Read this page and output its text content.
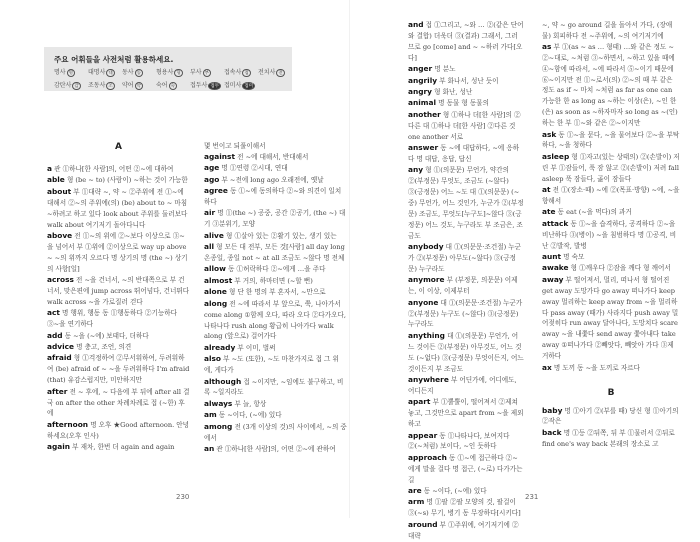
주요 어휘들을 사전처럼 활용하세요.
명사 명	대명사 대	동사 동	형용사 형	부사 부	접속사 접	전치사 전
감탄사 감	조동사 조	약어 약	숙어 숙	접두사 접두 접미사 접미
A
a 관 ①하나[한 사람]의, 어떤 ②~에 대하여
able 형 (be ~ to) (사람이) ~하는 것이 가능한
about 부 ①대략 ~, 약 ~ ②주위에 전 ①~에 대해서 ②~의 주위에(의) (be) about to ~ 마침 ~하려고 하고 있다 look about 주위를 둘러보다 walk about 여기저기 돌아다니다
above 전 ①~의 위에 ②~보다 이상으로 ③~을 넘어서 부 ①위에 ②이상으로 way up above ~ ~의 위까지 오르다 명 상기의 명 (the ~) 상기의 사항[일]
across 전 ~을 건너서, ~의 반대쪽으로 부 건너서, 맞은편에 jump across 뛰어넘다, 건너뛰다 walk across ~을 가로질러 걷다
act 명 행위, 행동 동 ①행동하다 ②기능하다 ③~을 연기하다
add 동 ~을 (~에) 보태다, 더하다
advice 명 충고, 조언, 의견
afraid 형 ①걱정하여 ②무서워하여, 두려워하여 (be) afraid of ~ ~을 두려워하다 I'm afraid (that) 유감스럽지만, 미안하지만
after 전 ~ 후에, ~ 다음에 부 뒤에 after all 결국 on after the other 차례차례로 접 (~한) 후에
afternoon 명 오후 ★Good afternoon. 안녕하세요(오후 인사)
again 부 재차, 한번 더 again and again
몇 번이고 되풀이해서
against 전 ~에 대해서, 반대해서
age 명 ①연령 ②시대, 연대
ago 부 ~전에 long ago 오래전에, 옛날
agree 동 ①~에 동의하다 ②~와 의견이 일치하다
air 명 ①(the ~) 공중, 공간 ②공기, (the ~) 대기 ③분위기, 모양
alive 형 ①살아 있는 ②활기 있는, 생기 있는
all 형 모든 대 전부, 모든 것[사람] all day long 온종일, 종일 not ~ at all 조금도 ~않다 명 전체
allow 동 ①허락하다 ②~에게 …을 주다
almost 부 거의, 하마터면 (~할 뻔)
alone 형 단 한 명의 부 혼자서, ~만으로
along 전 ~에 따라서 부 앞으로, 쭉, 나아가서 come along ①함께 오다, 따라 오다 ②다가오다, 나타나다 rush along 황급히 나아가다 walk along (앞으로) 걸어가다
already 부 이미, 벌써
also 부 ~도 (또한), ~도 마찬가지로 접 그 위에, 게다가
although 접 ~이지만, ~임에도 불구하고, 비록 ~일지라도
always 부 늘, 항상
am 동 ~이다, (~에) 있다
among 전 (3개 이상의 것)의 사이에서, ~의 중에서
an 관 ①하나[한 사람]의, 어떤 ②~에 관하여
230
and 접 ①그리고, ~와 … ②(같은 단어와 결합) 더욱더 ③(결과) 그래서, 그러므로 go [come] and ~ ~하러 가다[오다]
anger 명 분노
angrily 부 화나서, 성난 듯이
angry 형 화난, 성난
animal 명 동물 형 동물의
another 형 ①하나 더[한 사람]의 ②다른 대 ①하나 더[한 사람] ②다른 것 one another 서로
answer 동 ~에 대답하다, ~에 응하다 명 대답, 응답, 답신
any 형 ①(의문문) 무언가, 약간의 ②(부정문) 무엇도, 조금도 (~않다) ③(긍정문) 어느 ~도 대 ①(의문문) (~중) 무언가, 어느 것인가, 누군가 ②(부정문) 조금도, 무엇도[누구도]~않다 ③(긍정문) 어느 것도, 누구라도 부 조금은, 조금도
anybody 대 ①(의문문·조건절) 누군가 ②(부정문) 아무도(~않다) ③(긍정문) 누구라도
anymore 부 (부정문, 의문문) 이제는, 이 이상, 이제부터
anyone 대 ①(의문문·조건절) 누군가 ②(부정문) 누구도 (~않다) ③(긍정문) 누구라도
anything 대 ①(의문문) 무언가, 어느 것이든 ②(부정문) 아무것도, 어느 것도 (~없다) ③(긍정문) 무엇이든지, 어느 것이든지 부 조금도
anywhere 부 어딘가에, 어디에도, 어디든지
apart 부 ①뿔뿔이, 떨어져서 ②제쳐 놓고, 그것만으로 apart from ~을 제외하고
appear 동 ①나타나다, 보여지다 ②(~처럼) 보이다, ~인 듯하다
approach 동 ①~에 접근하다 ②~에게 말을 걸다 명 접근, (~로) 다가가는 길
are 동 ~이다, (~에) 있다
arm 명 ①팔 ②팔 모양의 것, 팔걸이 ③(~s) 무기, 병기 동 무장하다[시키다]
around 부 ①주위에, 여기저기에 ②대략
~, 약 ~ go around 길을 돌아서 가다, (장애물) 회피하다 전 ~주위에, ~의 여기저기에
as 부 ①(as ~ as … 형태) …와 같은 정도 ~ ②~대로, ~처럼 ③~하면서, ~하고 있을 때에 ④~함에 따라서, ~에 따라서 ⑤~이기 때문에 ⑥~이지만 전 ①~로서(의) ②~의 때 부 같은 정도 as if ~ 마치 ~처럼 as far as one can 가능한 한 as long as ~하는 이상(은), ~인 한(은) as soon as ~하자마자 so long as ~(인)하는 한 부 ①~와 같은 ②~이지만
ask 동 ①~을 묻다, ~을 물어보다 ②~을 부탁하다, ~을 청하다
asleep 형 ①자고(있는 상태의) ②(손발이) 저린 부 ①잠들어, 푹 잠 않고 ②(손발이) 저려 fall asleep 푹 잠들다, 곯이 잠들다
at 전 ①(장소·때) ~에 ②(목표·방향) ~에, ~을 향해서
ate 동 eat (~을 먹다)의 과거
attack 동 ①~을 습격하다, 공격하다 ②~을 비난하다 ③(병이) ~을 침범하다 명 ①공격, 비난 ②발작, 발병
aunt 명 숙모
awake 형 ①깨우다 ②잠을 깨다 형 깨어서
away 부 떨어져서, 멀리, 떠나서 형 떨어진 get away 도망가다 go away 떠나가다 keep away 멀리하는 keep away from ~을 멀리하다 pass away (때가) 사라지다 push away 밀어젖히다 run away 달아나다, 도망치다 scare away ~을 내쫓다 send away 쫓아내다 take away ①떠나가다 ②빼앗다, 빼앗아 가다 ③제거하다
ax 명 도끼 동 ~을 도끼로 자르다
B
baby 명 ①아기 ②(부를 때) 당신 형 ①아기의 ②작은
back 명 ①등 ②뒤쪽, 뒤 부 ①물러서 ②뒤로 find one's way back 본래의 장소로 고
231
